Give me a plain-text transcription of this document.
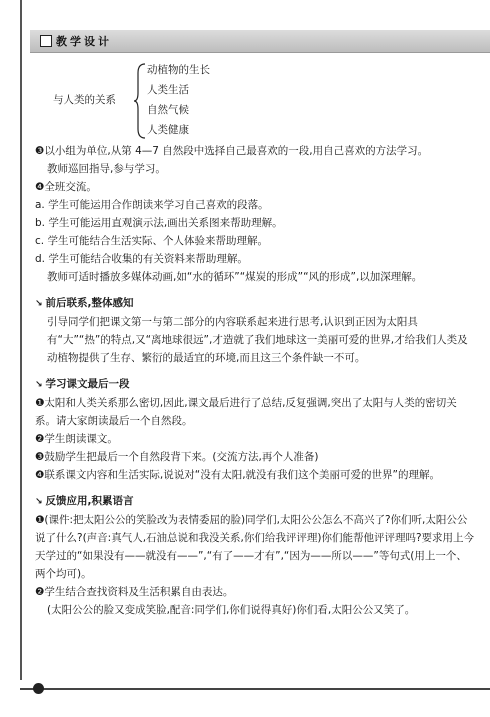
教学设计
与人类的关系
动植物的生长
人类生活
自然气候
人类健康

❸以小组为单位,从第 4—7 自然段中选择自己最喜欢的一段,用自己喜欢的方法学习。

教师巡回指导,参与学习。

❹全班交流。

a. 学生可能运用合作朗读来学习自己喜欢的段落。

b. 学生可能运用直观演示法,画出关系图来帮助理解。

c. 学生可能结合生活实际、个人体验来帮助理解。

d. 学生可能结合收集的有关资料来帮助理解。

教师可适时播放多媒体动画,如“水的循环”“煤炭的形成”“风的形成”,以加深理解。

↘ 前后联系,整体感知

引导同学们把课文第一与第二部分的内容联系起来进行思考,认识到正因为太阳具有“大”“热”的特点,又“离地球很远”,才造就了我们地球这一美丽可爱的世界,才给我们人类及动植物提供了生存、繁衍的最适宜的环境,而且这三个条件缺一不可。

↘ 学习课文最后一段

❶太阳和人类关系那么密切,因此,课文最后进行了总结,反复强调,突出了太阳与人类的密切关系。请大家朗读最后一个自然段。

❷学生朗读课文。

❸鼓励学生把最后一个自然段背下来。(交流方法,再个人准备)

❹联系课文内容和生活实际,说说对“没有太阳,就没有我们这个美丽可爱的世界”的理解。

↘ 反馈应用,积累语言

❶(课件:把太阳公公的笑脸改为表情委屈的脸)同学们,太阳公公怎么不高兴了?你们听,太阳公公说了什么?(声音:真气人,石油总说和我没关系,你们给我评评理)你们能帮他评评理吗?要求用上今天学过的“如果没有——就没有——”,“有了——才有”,“因为——所以——”等句式(用上一个、两个均可)。

❷学生结合查找资料及生活积累自由表达。

(太阳公公的脸又变成笑脸,配音:同学们,你们说得真好)你们看,太阳公公又笑了。
